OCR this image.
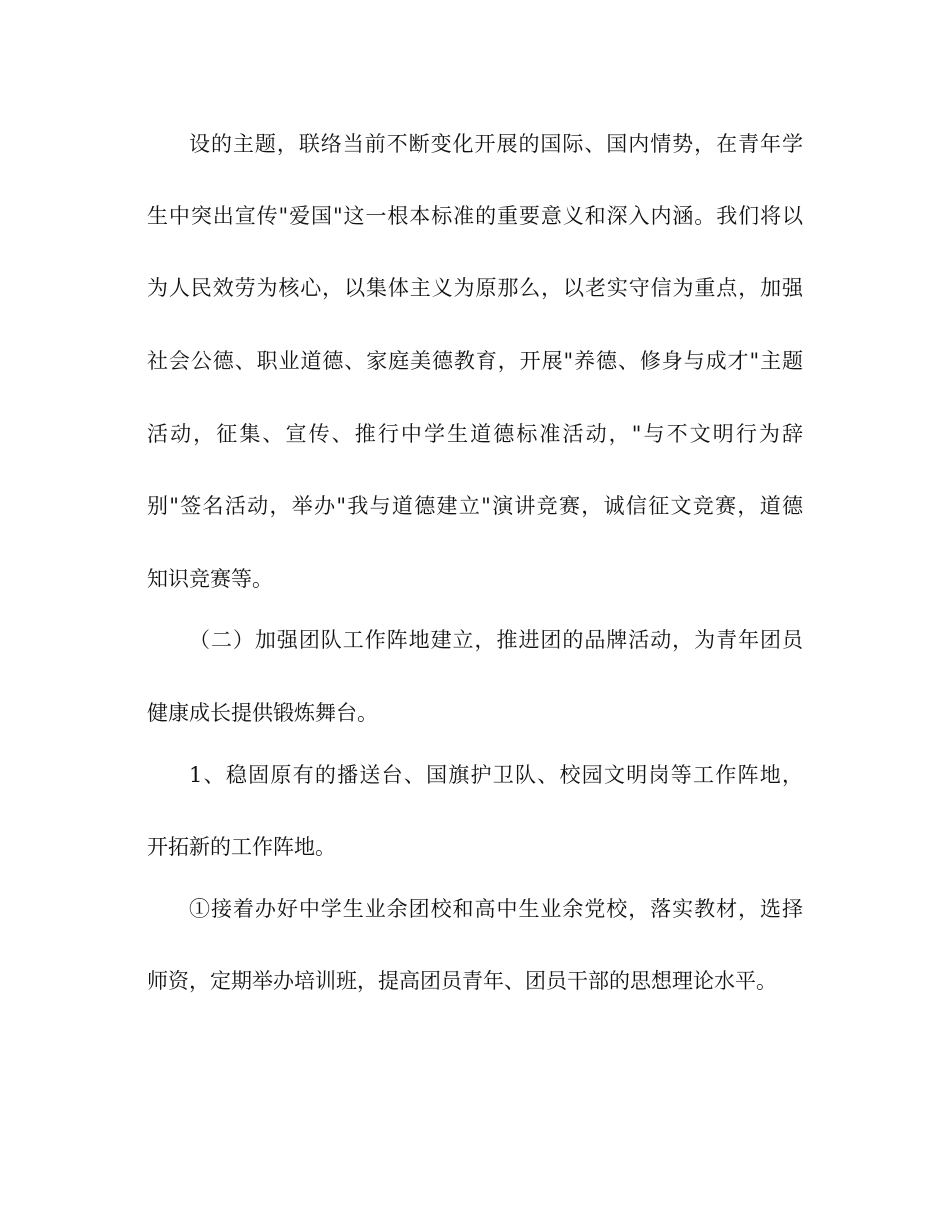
设的主题，联络当前不断变化开展的国际、国内情势，在青年学
生中突出宣传"爱国"这一根本标准的重要意义和深入内涵。我们将以
为人民效劳为核心，以集体主义为原那么，以老实守信为重点，加强
社会公德、职业道德、家庭美德教育，开展"养德、修身与成才"主题
活动，征集、宣传、推行中学生道德标准活动，"与不文明行为辞
别"签名活动，举办"我与道德建立"演讲竞赛，诚信征文竞赛，道德
知识竞赛等。
（二）加强团队工作阵地建立，推进团的品牌活动，为青年团员
健康成长提供锻炼舞台。
1、稳固原有的播送台、国旗护卫队、校园文明岗等工作阵地，
开拓新的工作阵地。
①接着办好中学生业余团校和高中生业余党校，落实教材，选择
师资，定期举办培训班，提高团员青年、团员干部的思想理论水平。
